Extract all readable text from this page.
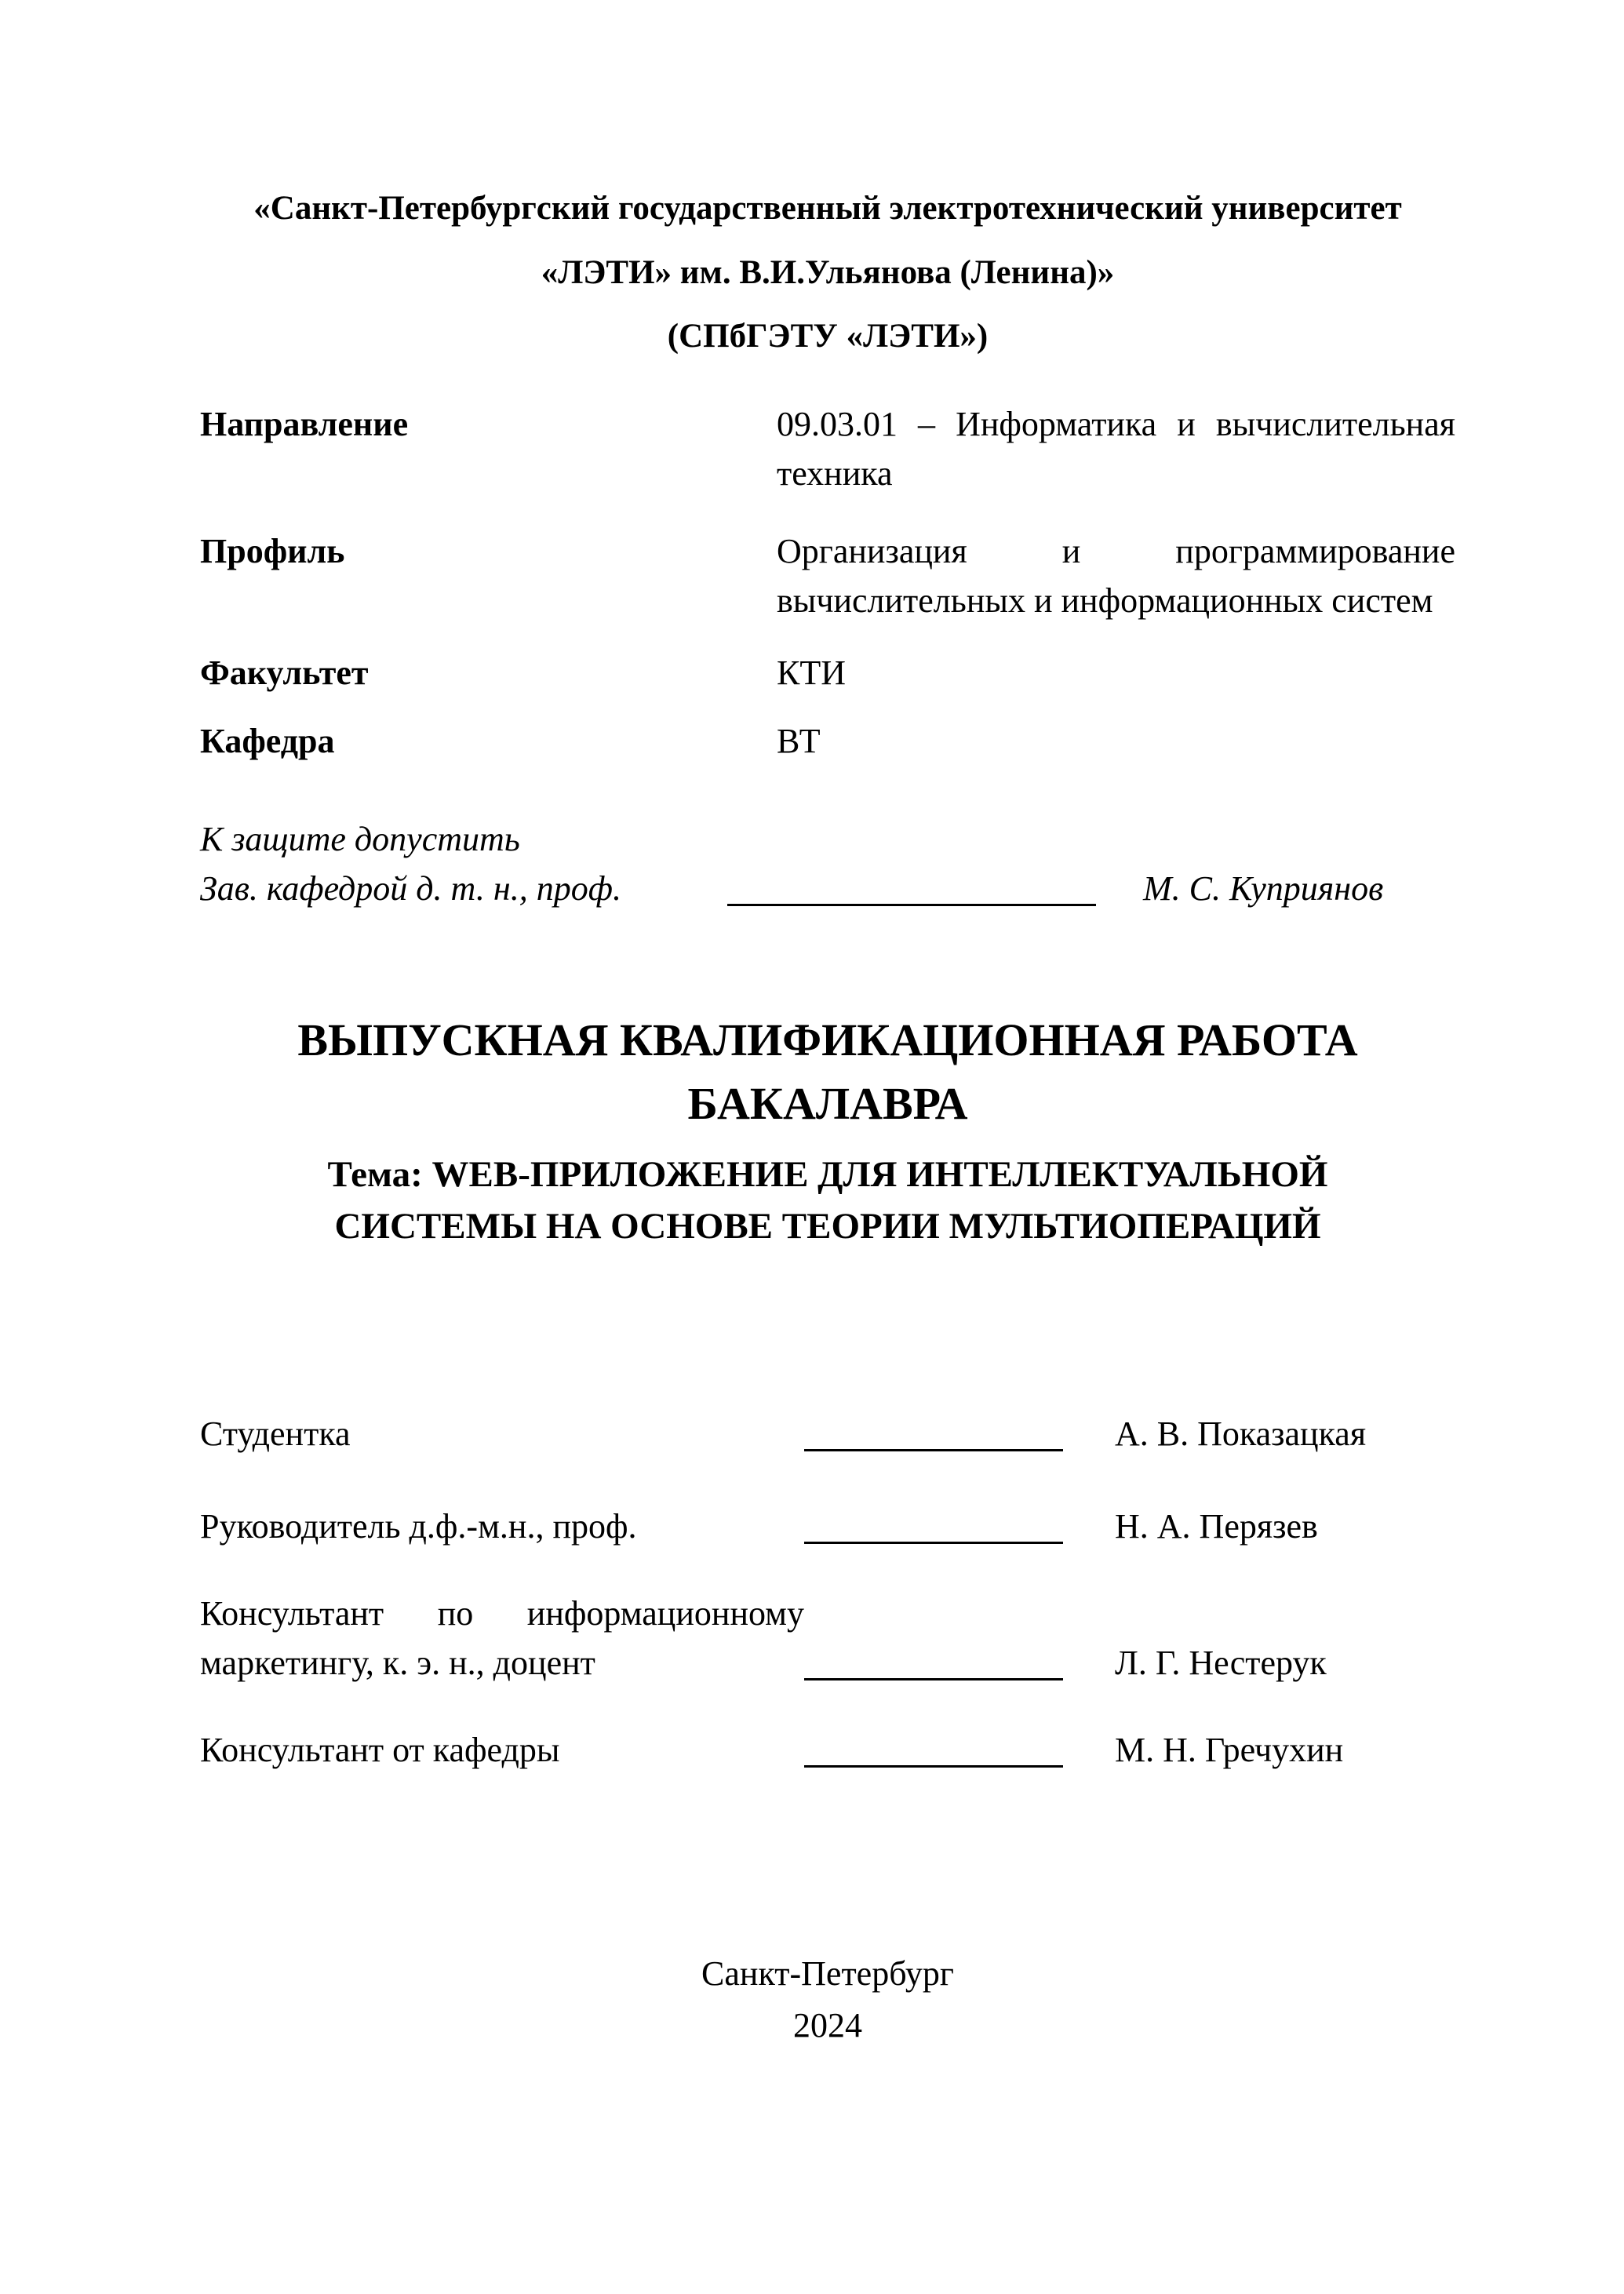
«Санкт-Петербургский государственный электротехнический университет

«ЛЭТИ» им. В.И.Ульянова (Ленина)»

(СПбГЭТУ «ЛЭТИ»)

Направление	09.03.01 – Информатика и вычислительная техника
Профиль	Организация и программирование вычислительных и информационных систем
Факультет	КТИ
Кафедра	ВТ

К защите допустить

Зав. кафедрой д. т. н., проф.	М. С. Куприянов
ВЫПУСКНАЯ КВАЛИФИКАЦИОННАЯ РАБОТА
БАКАЛАВРА
Тема: WEB-ПРИЛОЖЕНИЕ ДЛЯ ИНТЕЛЛЕКТУАЛЬНОЙ
СИСТЕМЫ НА ОСНОВЕ ТЕОРИИ МУЛЬТИОПЕРАЦИЙ
Студентка	А. В. Показацкая
Руководитель д.ф.-м.н., проф.	Н. А. Перязев
Консультант по информационному маркетингу, к. э. н., доцент	Л. Г. Нестерук
Консультант от кафедры	М. Н. Гречухин
Санкт-Петербург
2024
